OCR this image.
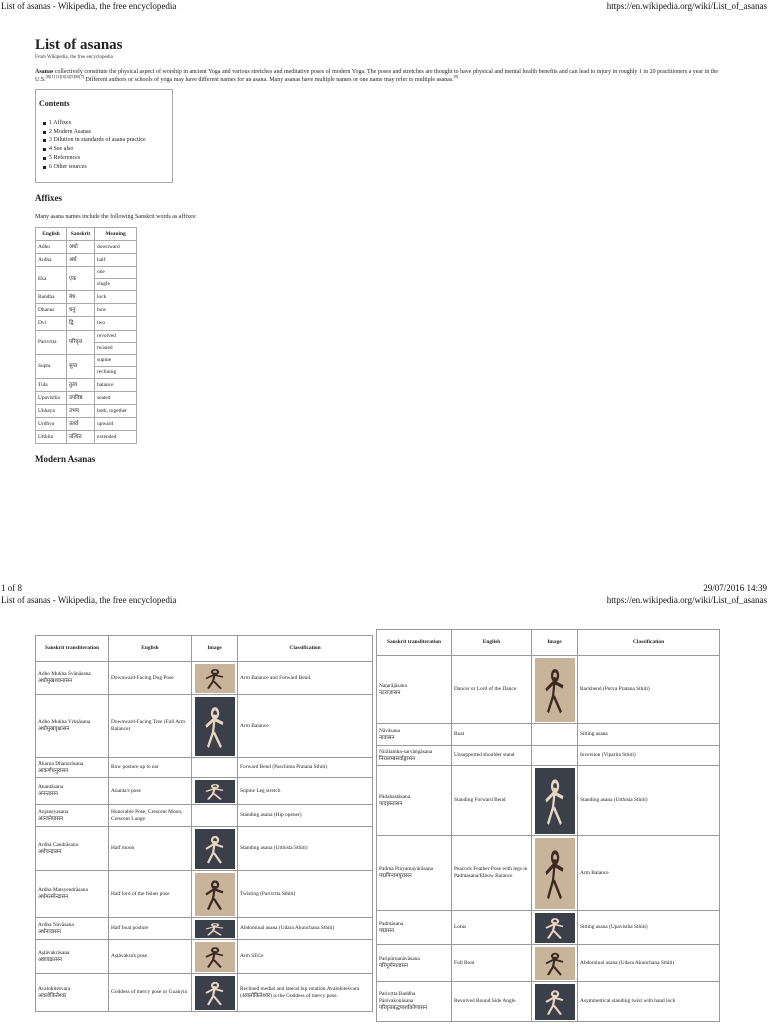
List of asanas - Wikipedia, the free encyclopedia	https://en.wikipedia.org/wiki/List_of_asanas
List of asanas
From Wikipedia, the free encyclopedia
Asanas collectively constitute the physical aspect of worship in ancient Yoga and various stretches and meditative poses of modern Yoga. The poses and stretches are thought to have physical and mental health benefits and can lead to injury in roughly 1 in 20 practitioners a year in the U.S.[8][1] [2][3][4][5][6][7] Different authors or schools of yoga may have different names for an asana. Many asanas have multiple names or one name may refer to multiple asanas.[9]
Contents
1 Affixes
2 Modern Asanas
3 Dilution in standards of asana practice
4 See also
5 References
6 Other sources
Affixes
Many asana names include the following Sanskrit words as affixes:
English	Sanskrit	Meaning
Adho	अधो	downward
Ardha	अर्ध	half
Eka	एक	one
		single
Bandha	बंध	lock
Dhanus	धनु	bow
Dvi	द्वि	two
Parivrtta	परिवृत्त	revolved
		twisted
Supta	सुप्त	supine
		reclining
Tula	तुला	balance
Upavistha	उपविष्ठ	seated
Ubhaya	उभय	both, together
Urdhva	ऊर्ध्व	upward
Utthita	उत्थित	extended
Modern Asanas
1 of 8	29/07/2016 14:39
List of asanas - Wikipedia, the free encyclopedia	https://en.wikipedia.org/wiki/List_of_asanas
Sanskrit transliteration	English	Image	Classification

Adho Mukha Śvānāsana
अधोमुखश्वानासन	Downward-Facing Dog Pose		Arm Balance and Forward Bend.

Adho Mukha Vṛkṣāsana
अधोमुखवृक्षासन	Downward-Facing Tree (Full Arm Balance)		Arm Balance

Ākarṇa Dhanurāsana
आकर्णधनुरासन	Bow posture up to ear		Forward Bend (Paschima Pratana Sthiti)

Anantāsana
अनन्तासन	Ananta's pose		Supine Leg stretch

Anjaneyasana
अञ्जनेयासन	Honorable Pose, Crescent Moon, Crescent Lunge		Standing asana (Hip opener)

Ardha Candrāsana
अर्धचन्द्रासन	Half moon		Standing asana (Utthista Sthiti)

Ardha Matsyendrāsana
अर्धमत्स्येन्द्रासन	Half lord of the fishes pose		Twisting (Parivrtta Sthiti)

Ardha Navāsana
अर्धनावासन	Half boat posture		Abdominal asana (Udara Akunchana Sthiti)

Aṣṭāvakrāsana
अष्टावक्रासन	Aṣṭāvakra's pose		Arm SECe

Avalokiteśvara
अवलोकितेश्वर	Goddess of mercy pose or Guanyin		Reclined medial and lateral hip rotation.Avalokiteśvara (अवलोकितेश्वर) is the Goddess of mercy pose.
Sanskrit transliteration	English	Image	Classification

Naṭarājāsana
नटराजासन	Dancer or Lord of the Dance		Backbend (Purva Pratana Sthiti)

Nāvāsana
नावासन	Boat		Sitting asana

Nirālamba-sarvāṅgāsana
निरालम्बसर्वाङ्गासन	Unsupported shoulder stand		Inversion (Viparita Sthiti)

Pādahastāsana
पादहस्तासन	Standing Forward Bend		Standing asana (Utthista Sthiti)

Padma Pinyamayūrāsana
पद्मपिन्यमयूरासन	Peacock Feather Pose with legs in Padmasana/Elbow Balance		Arm Balance

Padmāsana
पद्मासन	Lotus		Sitting asana (Upavistha Sthiti)

Paripūrṇanāvāsana
परिपूर्णनावासन	Full Boat		Abdominal asana (Udara Akunchana Sthiti)

Parivṛtta Baddha Pārśvakoṇāsana
परिवृत्तबद्धपार्श्वकोणासन	Revolved Bound Side Angle		Asymmetrical standing twist with hand lock
